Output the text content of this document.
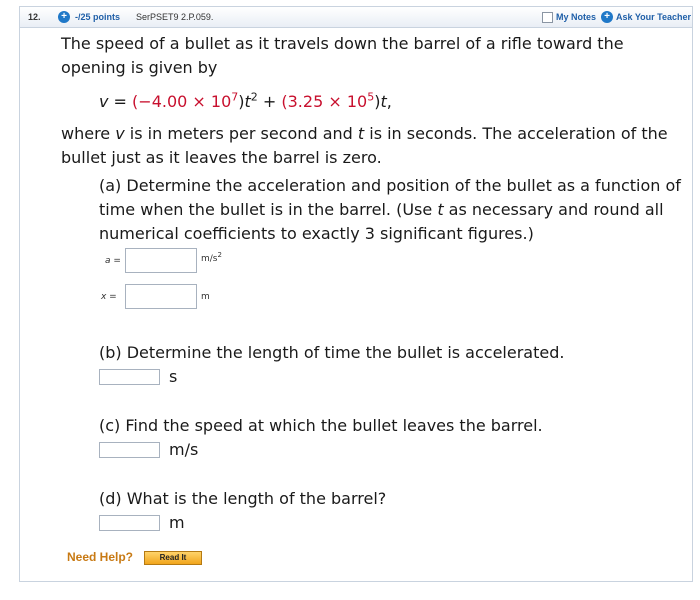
12.	+ -/25 points SerPSET9 2.P.059.	My Notes + Ask Your Teacher
The speed of a bullet as it travels down the barrel of a rifle toward the
opening is given by
$v = (-4.00 \times 10^7)t^2 + (3.25 \times 10^5)t$,
where v is in meters per second and t is in seconds. The acceleration of the
bullet just as it leaves the barrel is zero.
(a) Determine the acceleration and position of the bullet as a function of
time when the bullet is in the barrel. (Use t as necessary and round all
numerical coefficients to exactly 3 significant figures.)
a =	$m/s^2$
x =	m
(b) Determine the length of time the bullet is accelerated.
s
(c) Find the speed at which the bullet leaves the barrel.
m/s
(d) What is the length of the barrel?
m
Need Help?	Read It
